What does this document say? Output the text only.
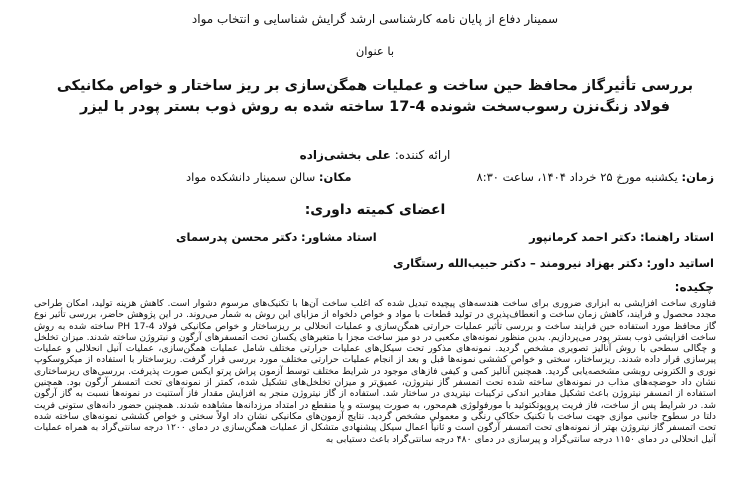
سمینار دفاع از پایان نامه کارشناسی ارشد گرایش شناسایی و انتخاب مواد
با عنوان
بررسی تأثیرگاز محافظ حین ساخت و عملیات همگن‌سازی بر ریز ساختار و خواص مکانیکی
فولاد زنگ‌نزن رسوب‌سخت شونده 4-17 ساخته شده به روش ذوب بستر پودر با لیزر
ارائه کننده: علی بخشی‌زاده
زمان: یکشنبه مورخ ۲۵ خرداد ۱۴۰۴، ساعت ۸:۳۰
مکان: سالن سمینار دانشکده مواد
اعضای کمیته داوری:
استاد راهنما: دکتر احمد کرمانپور
استاد مشاور: دکتر محسن پدرسمای
اساتید داور: دکتر بهزاد نیرومند – دکتر حبیب‌الله رستگاری
چکیده:
فناوری ساخت افزایشی به ابزاری ضروری برای ساخت هندسه‌های پیچیده تبدیل شده که اغلب ساخت آن‌ها با تکنیک‌های مرسوم دشوار است. کاهش هزینه تولید، امکان طراحی مجدد محصول و فرایند، کاهش زمان ساخت و انعطاف‌پذیری در تولید قطعات با مواد و خواص دلخواه از مزایای این روش به شمار می‌روند. در این پژوهش حاضر، بررسی تأثیر نوع گاز محافظ مورد استفاده حین فرایند ساخت و بررسی تأثیر عملیات حرارتی همگن‌سازی و عملیات انحلالی بر ریزساختار و خواص مکانیکی فولاد 4-17 PH ساخته شده به روش ساخت افزایشی ذوب بستر پودر می‌پردازیم. بدین منظور نمونه‌های مکعبی در دو میز ساخت مجزا با متغیرهای یکسان تحت اتمسفرهای آرگون و نیتروژن ساخته شدند. میزان تخلخل و چگالی سطحی با روش آنالیز تصویری مشخص گردید. نمونه‌های مذکور تحت سیکل‌های عملیات حرارتی مختلف شامل عملیات همگن‌سازی، عملیات آنیل انحلالی و عملیات پیرسازی قرار داده شدند. ریزساختار، سختی و خواص کششی نمونه‌ها قبل و بعد از انجام عملیات حرارتی مختلف مورد بررسی قرار گرفت. ریزساختار با استفاده از میکروسکوپ نوری و الکترونی روبشی مشخصه‌یابی گردید. همچنین آنالیز کمی و کیفی فازهای موجود در شرایط مختلف توسط آزمون پراش پرتو ایکس صورت پذیرفت. بررسی‌های ریزساختاری نشان داد حوضچه‌های مذاب در نمونه‌های ساخته شده تحت اتمسفر گاز نیتروژن، عمیق‌تر و میزان تخلخل‌های تشکیل شده، کمتر از نمونه‌های تحت اتمسفر آرگون بود. همچنین استفاده از اتمسفر نیتروژن باعث تشکیل مقادیر اندکی ترکیبات نیتریدی در ساختار شد. استفاده از گاز نیتروژن منجر به افزایش مقدار فاز آستنیت در نمونه‌ها نسبت به گاز آرگون شد. در شرایط پس از ساخت، فاز فریت پروپوتکتوئید با مورفولوژی هم‌محور، به صورت پیوسته و یا منقطع در امتداد مرزدانه‌ها مشاهده شدند. همچنین حضور دانه‌های ستونی فریت دلتا در سطوح جانبی موازی جهت ساخت با تکنیک حکاکی رنگی و معمولی مشخص گردید. نتایج آزمون‌های مکانیکی نشان داد اولاً سختی و خواص کششی نمونه‌های ساخته شده تحت اتمسفر گاز نیتروژن بهتر از نمونه‌های تحت اتمسفر آرگون است و ثانیاً اعمال سیکل پیشنهادی متشکل از عملیات همگن‌سازی در دمای ۱۲۰۰ درجه سانتی‌گراد به همراه عملیات آنیل انحلالی در دمای ۱۱۵۰ درجه سانتی‌گراد و پیرسازی در دمای ۴۸۰ درجه سانتی‌گراد باعث دستیابی به
